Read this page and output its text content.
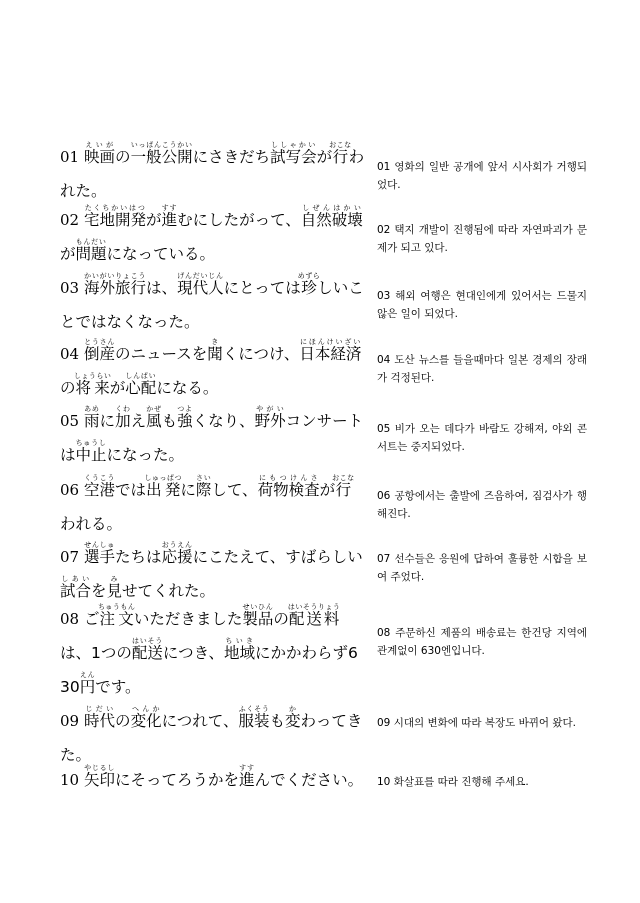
01 映画えいがの一般公開いっぱんこうかいにさきだち試写会ししゃかいが行おこなわれた。
01 영화의 일반 공개에 앞서 시사회가 거행되었다.
02 宅地開発たくちかいはつが進すすむにしたがって、自然破壊しぜんはかいが問題もんだいになっている。
02 택지 개발이 진행됨에 따라 자연파괴가 문제가 되고 있다.
03 海外旅行かいがいりょこうは、現代人げんだいじんにとっては珍めずらしいことではなくなった。
03 해외 여행은 현대인에게 있어서는 드물지 않은 일이 되었다.
04 倒産とうさんのニュースを聞きくにつけ、日本経済にほんけいざいの将来しょうらいが心配しんぱいになる。
04 도산 뉴스를 들을때마다 일본 경제의 장래가 걱정된다.
05 雨あめに加くわえ風かぜも強つよくなり、野外やがいコンサートは中止ちゅうしになった。
05 비가 오는 데다가 바람도 강해져, 야외 콘서트는 중지되었다.
06 空港くうこうでは出発しゅっぱつに際さいして、荷物検査にもつけんさが行おこなわれる。
06 공항에서는 출발에 즈음하여, 짐검사가 행해진다.
07 選手せんしゅたちは応援おうえんにこたえて、すばらしい試合しあいを見みせてくれた。
07 선수들은 응원에 답하여 훌륭한 시합을 보여 주었다.
08 ご注文ちゅうもんいただきました製品せいひんの配送料はいそうりょうは、1つの配送はいそうにつき、地域ちいきにかかわらず630円えんです。
08 주문하신 제품의 배송료는 한건당 지역에 관계없이 630엔입니다.
09 時代じだいの変化へんかにつれて、服装ふくそうも変かわってきた。
09 시대의 변화에 따라 복장도 바뀌어 왔다.
10 矢印やじるしにそってろうかを進すすんでください。	10 화살표를 따라 진행해 주세요.
